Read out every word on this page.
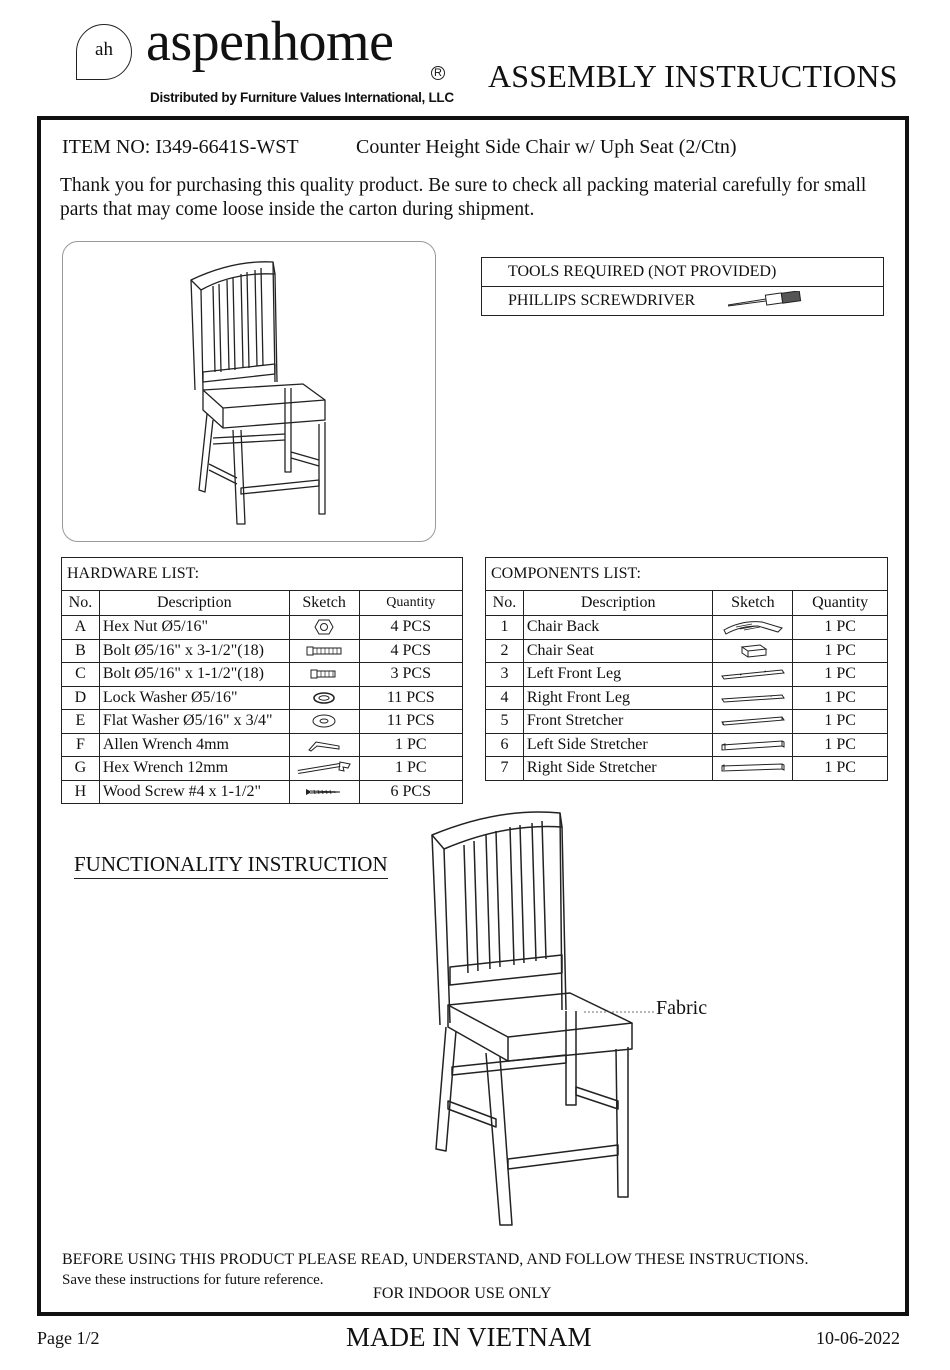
ah aspenhome	R
Distributed by Furniture Values International, LLC
ASSEMBLY INSTRUCTIONS
ITEM NO: I349-6641S-WST	Counter Height Side Chair w/ Uph Seat (2/Ctn)
Thank you for purchasing this quality product. Be sure to check all packing material carefully for small parts that may come loose inside the carton during shipment.
TOOLS REQUIRED (NOT PROVIDED)
PHILLIPS SCREWDRIVER
HARDWARE LIST:			
No.	Description	Sketch	Quantity
A	Hex Nut Ø5/16"		4 PCS
B	Bolt Ø5/16" x 3-1/2"(18)		4 PCS
C	Bolt Ø5/16" x 1-1/2"(18)		3 PCS
D	Lock Washer Ø5/16"		11 PCS
E	Flat Washer Ø5/16" x 3/4"		11 PCS
F	Allen Wrench 4mm		1 PC
G	Hex Wrench 12mm		1 PC
H	Wood Screw #4 x 1-1/2"		6 PCS
COMPONENTS LIST:			
No.	Description	Sketch	Quantity
1	Chair Back		1 PC
2	Chair Seat		1 PC
3	Left Front Leg		1 PC
4	Right Front Leg		1 PC
5	Front Stretcher		1 PC
6	Left Side Stretcher		1 PC
7	Right Side Stretcher		1 PC
FUNCTIONALITY INSTRUCTION
Fabric
BEFORE USING THIS PRODUCT PLEASE READ, UNDERSTAND, AND FOLLOW THESE INSTRUCTIONS.
Save these instructions for future reference.
FOR INDOOR USE ONLY
Page 1/2	MADE IN VIETNAM	10-06-2022
